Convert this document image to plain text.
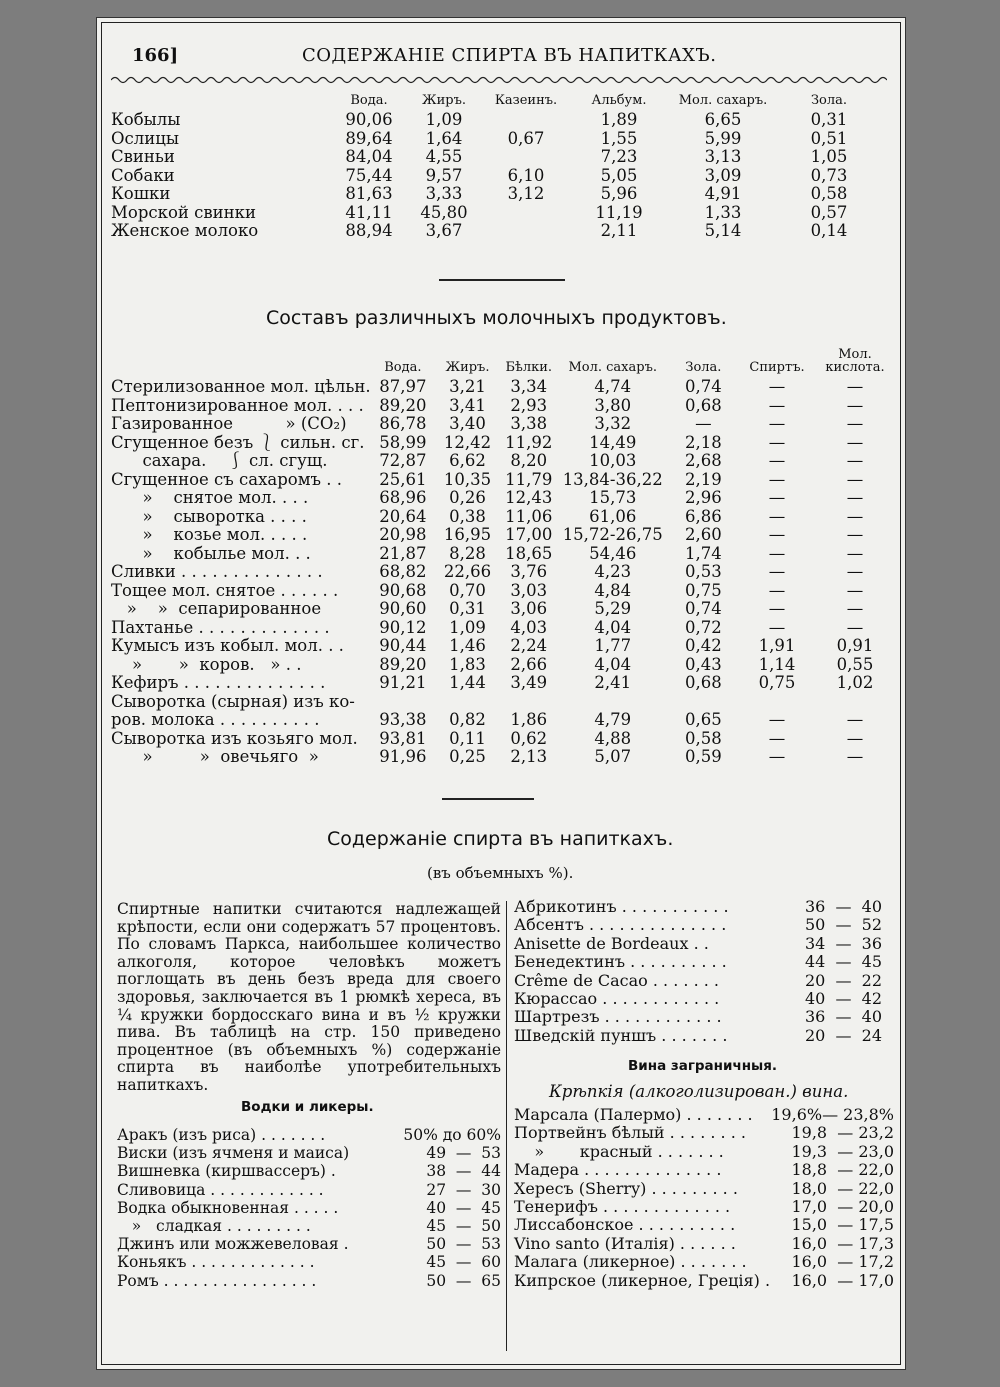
166]	СОДЕРЖАНІЕ СПИРТА ВЪ НАПИТКАХЪ.
	Вода.	Жиръ.	Казеинъ.	Альбум.	Мол. сахаръ.	Зола.
Кобылы	90,06	1,09		1,89	6,65	0,31
Ослицы	89,64	1,64	0,67	1,55	5,99	0,51
Свиньи	84,04	4,55		7,23	3,13	1,05
Собаки	75,44	9,57	6,10	5,05	3,09	0,73
Кошки	81,63	3,33	3,12	5,96	4,91	0,58
Морской свинки	41,11	45,80		11,19	1,33	0,57
Женское молоко	88,94	3,67		2,11	5,14	0,14
Составъ различныхъ молочныхъ продуктовъ.
	Вода.	Жиръ.	Бѣлки.	Мол. сахаръ.	Зола.	Спиртъ.	Мол. кислота.
Стерилизованное мол. цѣльн.	87,97	3,21	3,34	4,74	0,74	—	—
Пептонизированное мол. . . .	89,20	3,41	2,93	3,80	0,68	—	—
Газированное          » (CO₂)	86,78	3,40	3,38	3,32	—	—	—
Сгущенное безъ ⎱ сильн. сг.	58,99	12,42	11,92	14,49	2,18	—	—
сахара.    ⎰ сл. сгущ.	72,87	6,62	8,20	10,03	2,68	—	—
Сгущенное съ сахаромъ . .	25,61	10,35	11,79	13,84-36,22	2,19	—	—
»    снятое мол. . . .	68,96	0,26	12,43	15,73	2,96	—	—
»    сыворотка . . . .	20,64	0,38	11,06	61,06	6,86	—	—
»    козье мол. . . . .	20,98	16,95	17,00	15,72-26,75	2,60	—	—
»    кобылье мол. . .	21,87	8,28	18,65	54,46	1,74	—	—
Сливки . . . . . . . . . . . . . .	68,82	22,66	3,76	4,23	0,53	—	—
Тощее мол. снятое . . . . . .	90,68	0,70	3,03	4,84	0,75	—	—
»    »  сепарированное	90,60	0,31	3,06	5,29	0,74	—	—
Пахтанье . . . . . . . . . . . . .	90,12	1,09	4,03	4,04	0,72	—	—
Кумысъ изъ кобыл. мол. . .	90,44	1,46	2,24	1,77	0,42	1,91	0,91
»       »  коров.   » . .	89,20	1,83	2,66	4,04	0,43	1,14	0,55
Кефиръ . . . . . . . . . . . . . .	91,21	1,44	3,49	2,41	0,68	0,75	1,02
Сыворотка (сырная) изъ ко-							
ров. молока . . . . . . . . . .	93,38	0,82	1,86	4,79	0,65	—	—
Сыворотка изъ козьяго мол.	93,81	0,11	0,62	4,88	0,58	—	—
»         »  овечьяго  »	91,96	0,25	2,13	5,07	0,59	—	—
Содержаніе спирта въ напиткахъ.
(въ объемныхъ %).

Спиртные напитки считаются надлежащей крѣпости, если они содержатъ 57 процентовъ. По словамъ Паркса, наибольшее количество алкоголя, которое человѣкъ можетъ поглощать въ день безъ вреда для своего здоровья, заключается въ 1 рюмкѣ хереса, въ ¼ кружки бордосскаго вина и въ ½ кружки пива. Въ таблицѣ на стр. 150 приведено процентное (въ объемныхъ %) содержаніе спирта въ наиболѣе употребительныхъ напиткахъ.

Водки и ликеры.
Аракъ (изъ риса) . . . . . . .	50% до 60%
Виски (изъ ячменя и маиса)	49  —  53
Вишневка (киршвассеръ) .	38  —  44
Сливовица . . . . . . . . . . . .	27  —  30
Водка обыкновенная . . . . .	40  —  45
»   сладкая . . . . . . . . .	45  —  50
Джинъ или можжевеловая .	50  —  53
Коньякъ . . . . . . . . . . . . .	45  —  60
Ромъ . . . . . . . . . . . . . . . .	50  —  65
Абрикотинъ . . . . . . . . . . .	36  —  40
Абсентъ . . . . . . . . . . . . . .	50  —  52
Anisette de Bordeaux . .	34  —  36
Бенедектинъ . . . . . . . . . .	44  —  45
Crême de Cacao . . . . . . .	20  —  22
Кюрассао . . . . . . . . . . . .	40  —  42
Шартрезъ . . . . . . . . . . . .	36  —  40
Шведскій пуншъ . . . . . . .	20  —  24
Вина заграничныя.
Крѣпкія (алкоголизирован.) вина.
Марсала (Палермо) . . . . . . .	19,6%— 23,8%
Портвейнъ бѣлый . . . . . . . .	19,8  — 23,2
»       красный . . . . . . .	19,3  — 23,0
Мадера . . . . . . . . . . . . . .	18,8  — 22,0
Хересъ (Sherry) . . . . . . . . .	18,0  — 22,0
Тенерифъ . . . . . . . . . . . . .	17,0  — 20,0
Лиссабонское . . . . . . . . . .	15,0  — 17,5
Vino santo (Италія) . . . . . .	16,0  — 17,3
Малага (ликерное) . . . . . . .	16,0  — 17,2
Кипрское (ликерное, Греція) .	16,0  — 17,0
